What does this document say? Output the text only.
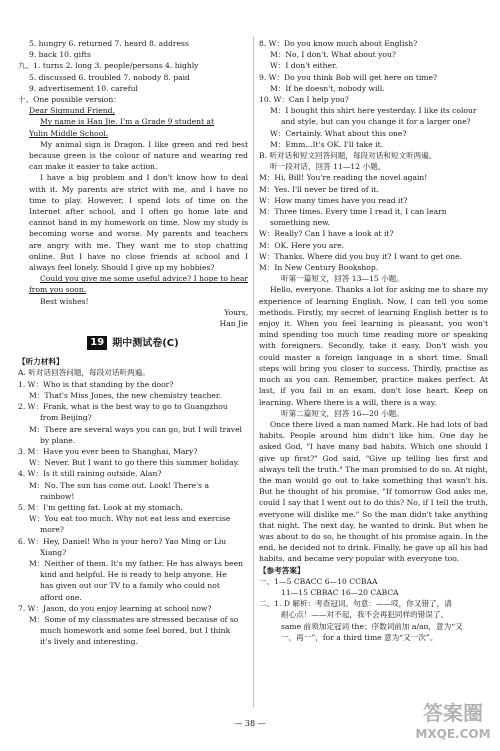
5. hungry 6. returned 7. heard 8. address

9. back 10. gifts

九、1. turns 2. long 3. people/persons 4. highly

5. discussed 6. troubled 7. nobody 8. paid

9. advertisement 10. careful

十、One possible version：

Dear Sigmund Friend,

My name is Han Jie. I'm a Grade 9 student at

Yulin Middle School.

My animal sign is Dragon. I like green and red best because green is the colour of nature and wearing red can make it easier to take action.

I have a big problem and I don't know how to deal with it. My parents are strict with me, and I have no time to play. However, I spend lots of time on the Internet after school, and I often go home late and cannot hand in my homework on time. Now my study is becoming worse and worse. My parents and teachers are angry with me. They want me to stop chatting online. But I have no close friends at school and I always feel lonely. Should I give up my hobbies?

Could you give me some useful advice? I hope to hear from you soon.

Best wishes!

Yours,

Han Jie

19 期中测试卷(C)

【听力材料】

A. 听对话回答问题，每段对话听两遍。

1. W：Who is that standing by the door?

M：That's Miss Jones, the new chemistry teacher.

2. W：Frank, what is the best way to go to Guangzhou

from Beijing?

M：There are several ways you can go, but I will travel

by plane.

3. M：Have you ever been to Shanghai, Mary?

W：Never. But I want to go there this summer holiday.

4. W：Is it still raining outside, Alan?

M：No. The sun has come out. Look! There's a

rainbow!

5. M：I'm getting fat. Look at my stomach.

W：You eat too much. Why not eat less and exercise

more?

6. W：Hey, Daniel! Who is your hero? Yao Ming or Liu

Xiang?

M：Neither of them. It's my father. He has always been

kind and helpful. He is ready to help anyone. He

has given out our TV to a family who could not

afford one.

7. W：Jason, do you enjoy learning at school now?

M：Some of my classmates are stressed because of so

much homework and some feel bored, but I think

it's lively and interesting.

8. W：Do you know much about English?

M：No, I don't. What about you?

W：I don't either.

9. W：Do you think Bob will get here on time?

M：If he doesn't, nobody will.

10. W：Can I help you?

M：I bought this shirt here yesterday. I like its colour

and style, but can you change it for a larger one?

W：Certainly. What about this one?

M：Emm...It's OK. I'll take it.

B. 听对话和短文回答问题，每段对话和短文听两遍。

听一段对话，回答 11—12 小题。

M：Hi, Bill! You're reading the novel again!

M：Yes. I'll never be tired of it.

W：How many times have you read it?

M：Three times. Every time I read it, I can learn

something new.

W：Really? Can I have a look at it?

M：OK. Here you are.

W：Thanks. Where did you buy it? I want to get one.

M：In New Century Bookshop.

听第一篇短文，回答 13—15 小题。

Hello, everyone. Thanks a lot for asking me to share my experience of learning English. Now, I can tell you some methods. Firstly, my secret of learning English better is to enjoy it. When you feel learning is pleasant, you won't mind spending too much time reading more or speaking with foreigners. Secondly, take it easy. Don't wish you could master a foreign language in a short time. Small steps will bring you closer to success. Thirdly, practise as much as you can. Remember, practice makes perfect. At last, if you fail in an exam, don't lose heart. Keep on learning. Where there is a will, there is a way.

听第二篇短文，回答 16—20 小题。

Once there lived a man named Mark. He had lots of bad habits. People around him didn't like him. One day he asked God, "I have many bad habits. Which one should I give up first?" God said, "Give up telling lies first and always tell the truth." The man promised to do so. At night, the man would go out to take something that wasn't his. But he thought of his promise, "If tomorrow God asks me, could I say that I went out to do this? No, if I tell the truth, everyone will dislike me." So the man didn't take anything that night. The next day, he wanted to drink. But when he was about to do so, he thought of his promise again. In the end, he decided not to drink. Finally, he gave up all his bad habits, and became very popular with everyone too.

【参考答案】

一、1—5 CBACC 6—10 CCBAA

11—15 CBBAC 16—20 CABCA

二、1. D 解析：考查冠词。句意：——哎，你又错了，请

耐心点！——对不起，我不会再犯同样的错误了。

same 前须加定冠词 the；序数词前加 a/an，意为“又

一，再一”，for a third time 意为“又一次”。

— 38 —	答案圈
MXQE.COM
